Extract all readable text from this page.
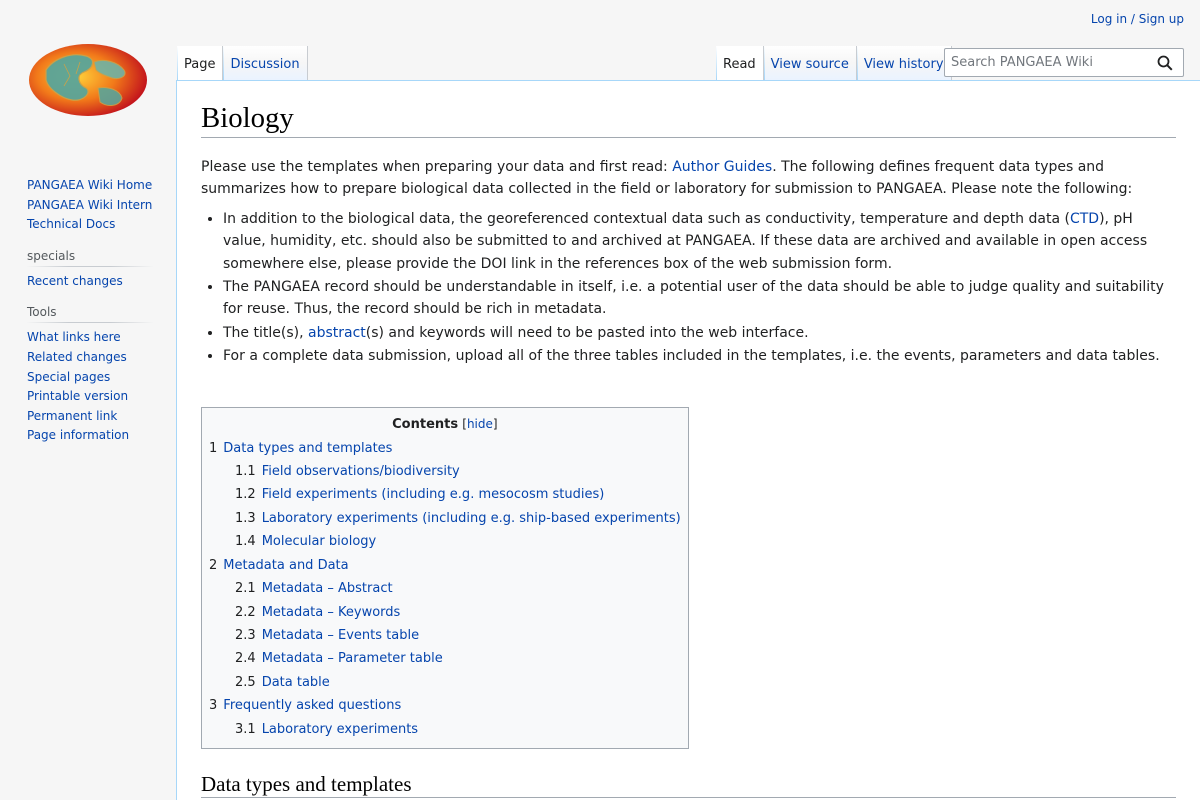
Log in / Sign up
Page Discussion	Read View source View history
Search PANGAEA Wiki
PANGAEA Wiki Home
PANGAEA Wiki Intern
Technical Docs
specials
Recent changes
Tools
What links here
Related changes
Special pages
Printable version
Permanent link
Page information
Biology

Please use the templates when preparing your data and first read: Author Guides. The following defines frequent data types and summarizes how to prepare biological data collected in the field or laboratory for submission to PANGAEA. Please note the following:

• In addition to the biological data, the georeferenced contextual data such as conductivity, temperature and depth data (CTD), pH value, humidity, etc. should also be submitted to and archived at PANGAEA. If these data are archived and available in open access somewhere else, please provide the DOI link in the references box of the web submission form.
• The PANGAEA record should be understandable in itself, i.e. a potential user of the data should be able to judge quality and suitability for reuse. Thus, the record should be rich in metadata.
• The title(s), abstract(s) and keywords will need to be pasted into the web interface.
• For a complete data submission, upload all of the three tables included in the templates, i.e. the events, parameters and data tables.
Contents [hide]
1 Data types and templates
1.1 Field observations/biodiversity
1.2 Field experiments (including e.g. mesocosm studies)
1.3 Laboratory experiments (including e.g. ship-based experiments)
1.4 Molecular biology
2 Metadata and Data
2.1 Metadata – Abstract
2.2 Metadata – Keywords
2.3 Metadata – Events table
2.4 Metadata – Parameter table
2.5 Data table
3 Frequently asked questions
3.1 Laboratory experiments
Data types and templates
